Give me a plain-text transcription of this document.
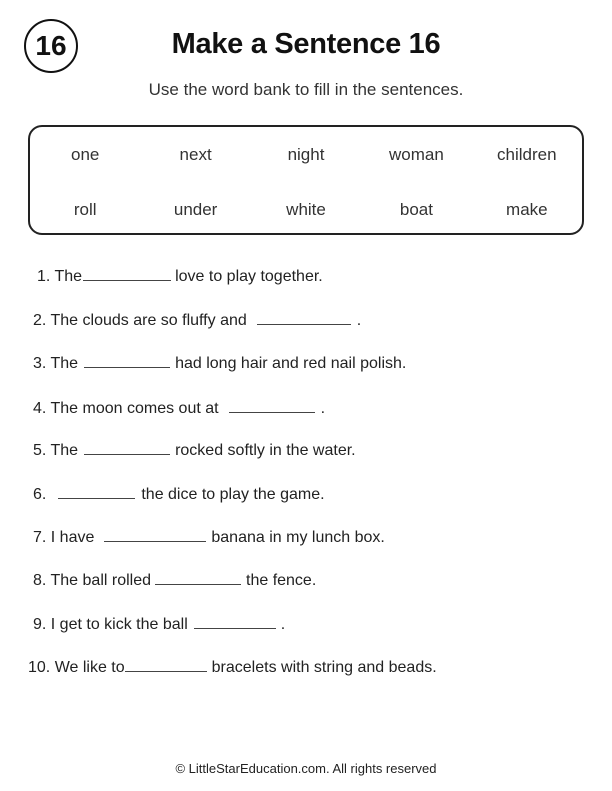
16	Make a Sentence 16
Use the word bank to fill in the sentences.
one	next	night	woman	children
roll	under	white	boat	make
1. The	love to play together.
2. The clouds are so fluffy and	.
3. The	had long hair and red nail polish.
4. The moon comes out at	.
5. The	rocked softly in the water.
6.	the dice to play the game.
7. I have	banana in my lunch box.
8. The ball rolled	the fence.
9. I get to kick the ball	.
10. We like to	bracelets with string and beads.
© LittleStarEducation.com. All rights reserved
